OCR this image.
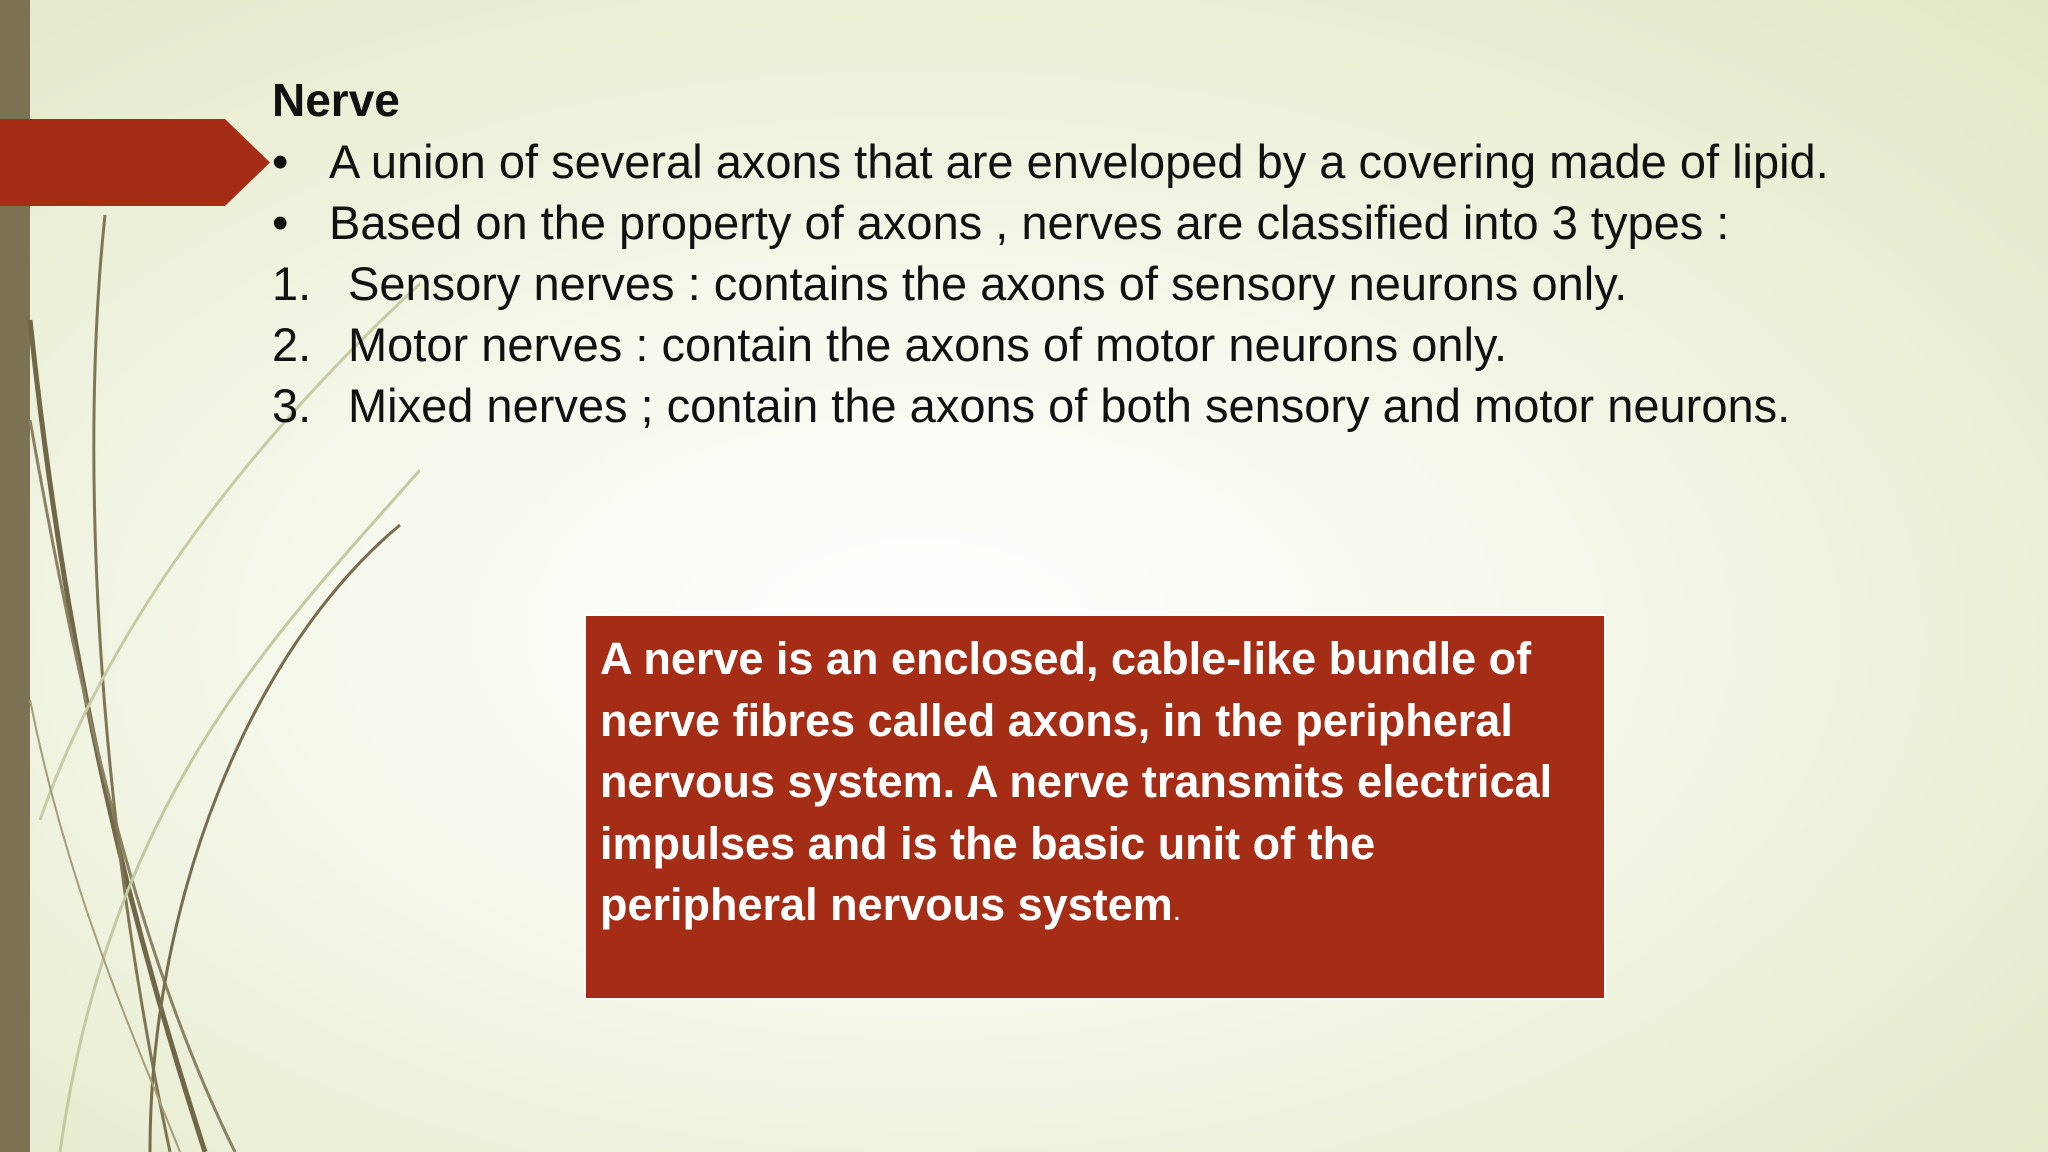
Nerve
• A union of several axons that are enveloped by a covering made of lipid.
• Based on the property of axons , nerves are classified into 3 types :
1. Sensory nerves : contains the axons of sensory neurons only.
2. Motor nerves : contain the axons of motor neurons only.
3. Mixed nerves ; contain the axons of both sensory and motor neurons.
A nerve is an enclosed, cable-like bundle of nerve fibres called axons, in the peripheral nervous system. A nerve transmits electrical impulses and is the basic unit of the peripheral nervous system.
